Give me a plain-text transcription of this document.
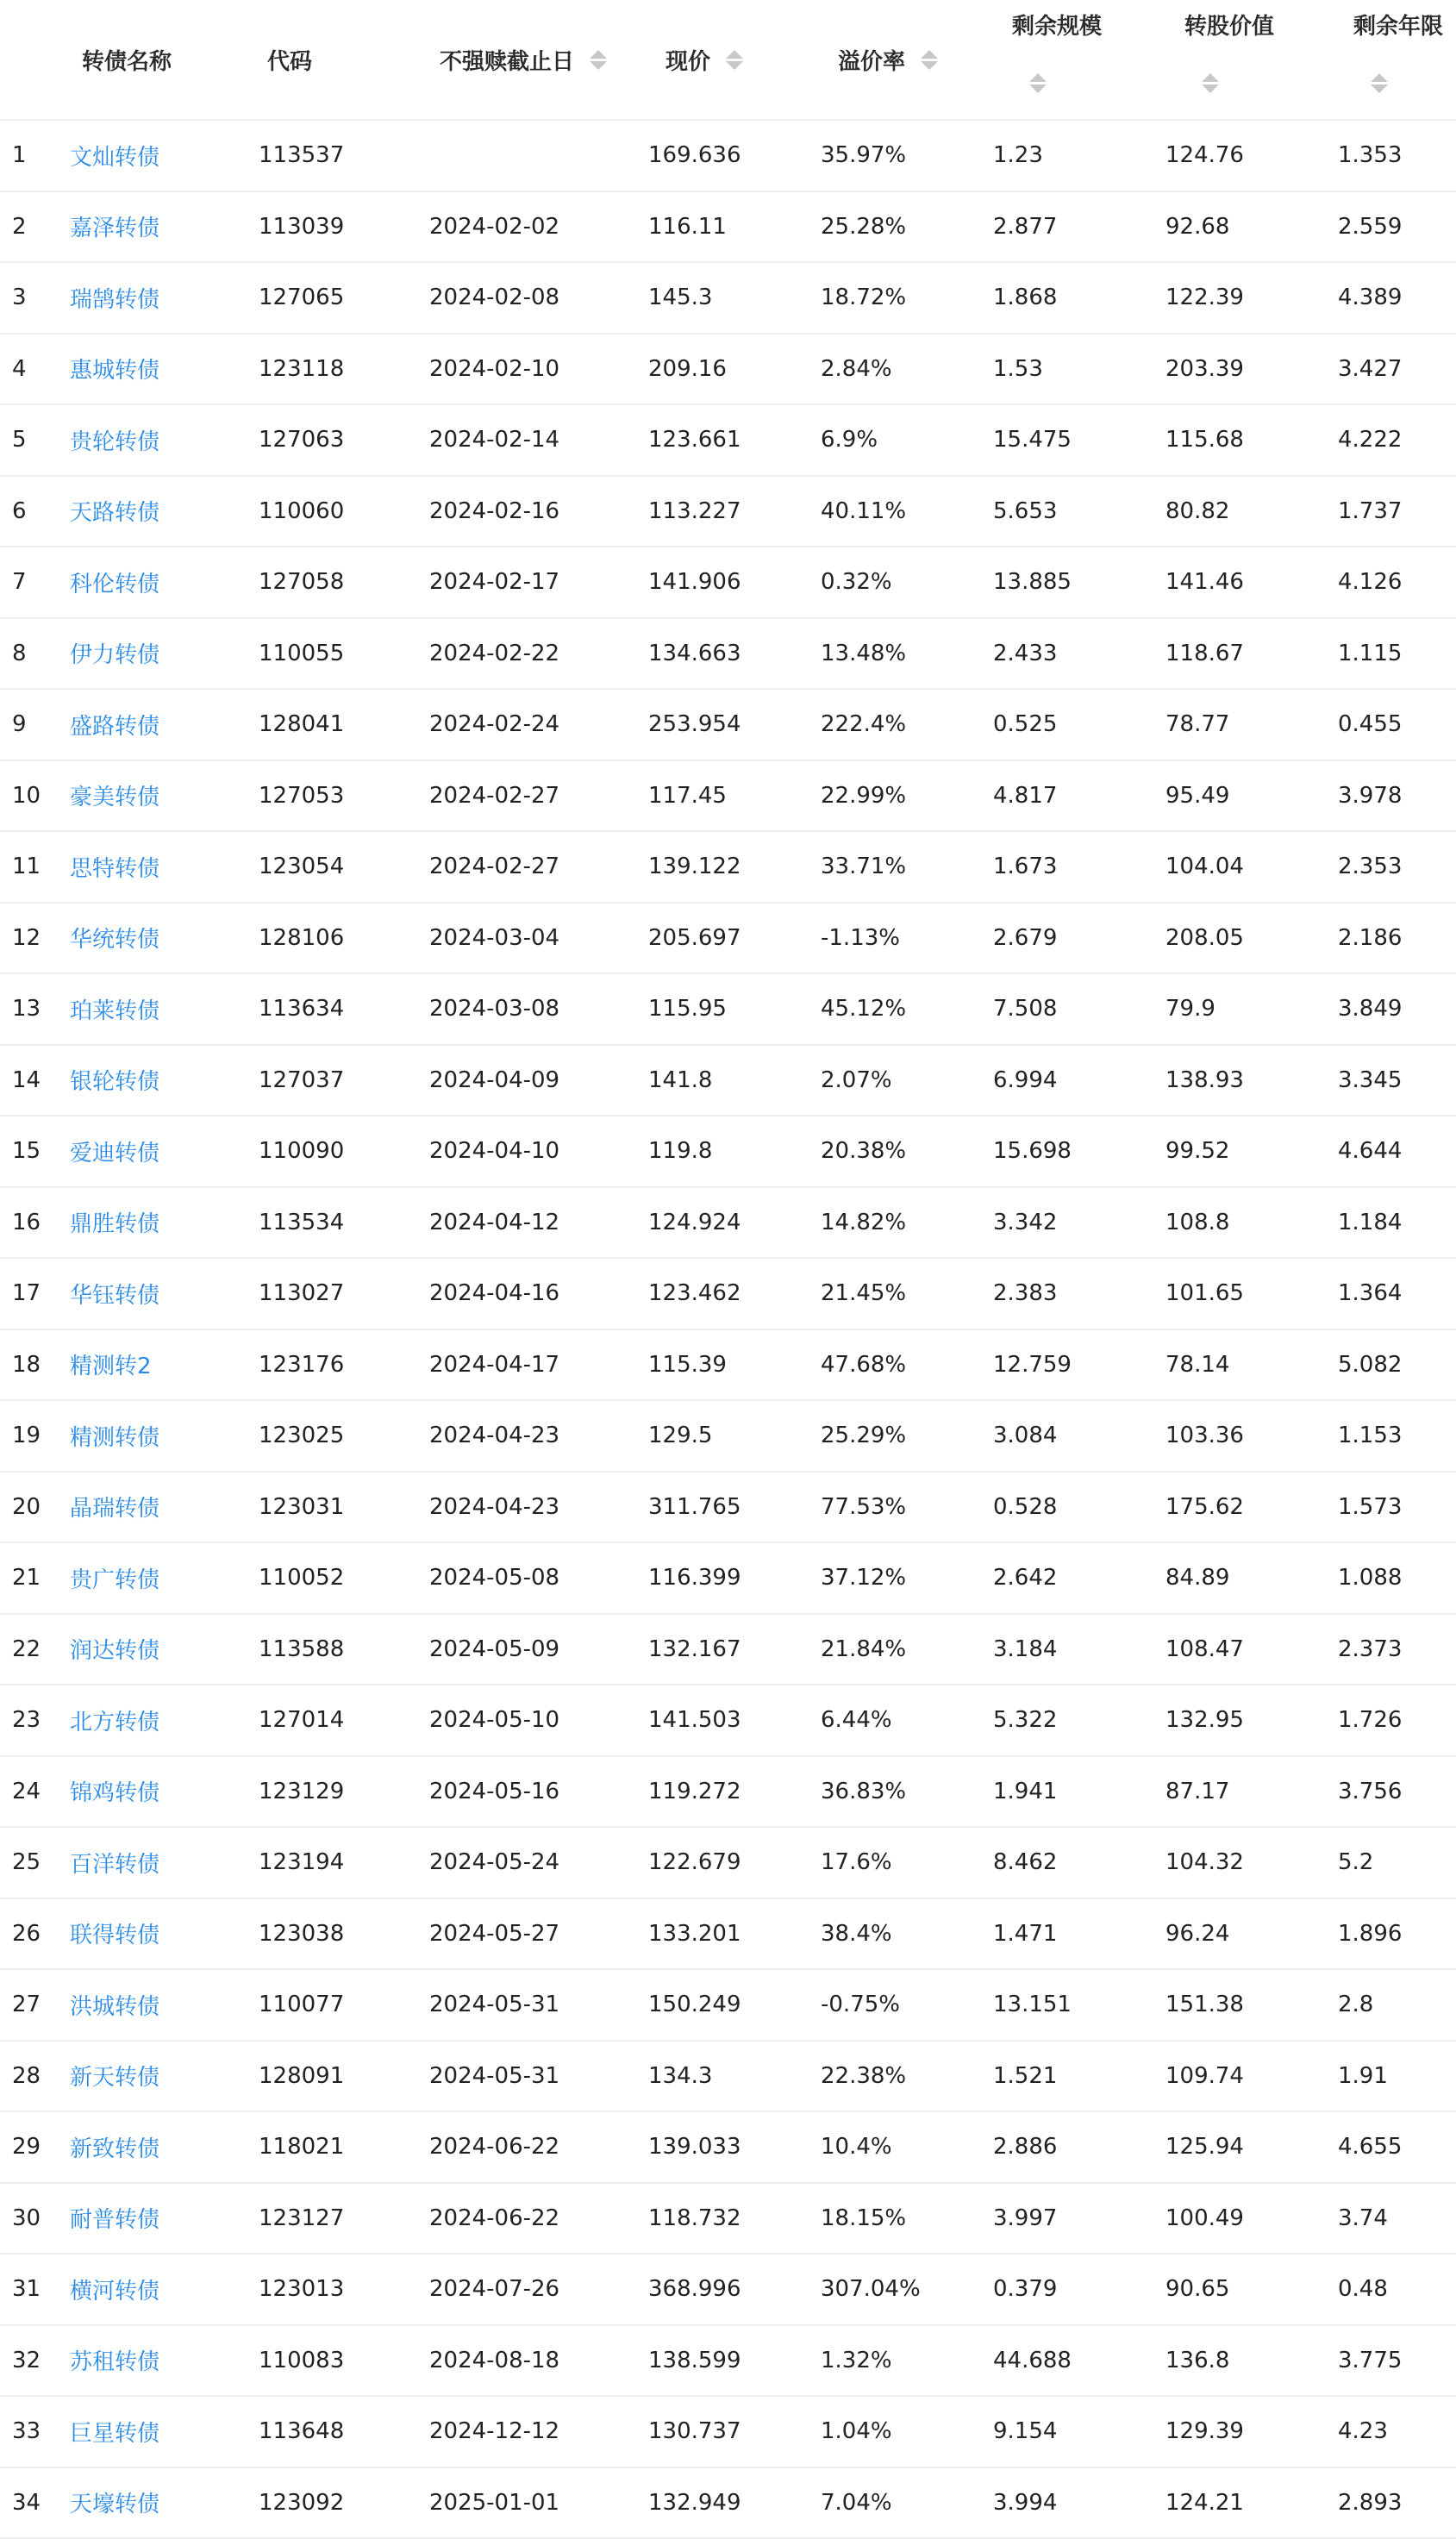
	转债名称	代码	不强赎截止日	现价	溢价率	剩余规模	转股价值	剩余年限

1	文灿转债	113537		169.636	35.97%	1.23	124.76	1.353
2	嘉泽转债	113039	2024-02-02	116.11	25.28%	2.877	92.68	2.559
3	瑞鹄转债	127065	2024-02-08	145.3	18.72%	1.868	122.39	4.389
4	惠城转债	123118	2024-02-10	209.16	2.84%	1.53	203.39	3.427
5	贵轮转债	127063	2024-02-14	123.661	6.9%	15.475	115.68	4.222
6	天路转债	110060	2024-02-16	113.227	40.11%	5.653	80.82	1.737
7	科伦转债	127058	2024-02-17	141.906	0.32%	13.885	141.46	4.126
8	伊力转债	110055	2024-02-22	134.663	13.48%	2.433	118.67	1.115
9	盛路转债	128041	2024-02-24	253.954	222.4%	0.525	78.77	0.455
10	豪美转债	127053	2024-02-27	117.45	22.99%	4.817	95.49	3.978
11	思特转债	123054	2024-02-27	139.122	33.71%	1.673	104.04	2.353
12	华统转债	128106	2024-03-04	205.697	-1.13%	2.679	208.05	2.186
13	珀莱转债	113634	2024-03-08	115.95	45.12%	7.508	79.9	3.849
14	银轮转债	127037	2024-04-09	141.8	2.07%	6.994	138.93	3.345
15	爱迪转债	110090	2024-04-10	119.8	20.38%	15.698	99.52	4.644
16	鼎胜转债	113534	2024-04-12	124.924	14.82%	3.342	108.8	1.184
17	华钰转债	113027	2024-04-16	123.462	21.45%	2.383	101.65	1.364
18	精测转2	123176	2024-04-17	115.39	47.68%	12.759	78.14	5.082
19	精测转债	123025	2024-04-23	129.5	25.29%	3.084	103.36	1.153
20	晶瑞转债	123031	2024-04-23	311.765	77.53%	0.528	175.62	1.573
21	贵广转债	110052	2024-05-08	116.399	37.12%	2.642	84.89	1.088
22	润达转债	113588	2024-05-09	132.167	21.84%	3.184	108.47	2.373
23	北方转债	127014	2024-05-10	141.503	6.44%	5.322	132.95	1.726
24	锦鸡转债	123129	2024-05-16	119.272	36.83%	1.941	87.17	3.756
25	百洋转债	123194	2024-05-24	122.679	17.6%	8.462	104.32	5.2
26	联得转债	123038	2024-05-27	133.201	38.4%	1.471	96.24	1.896
27	洪城转债	110077	2024-05-31	150.249	-0.75%	13.151	151.38	2.8
28	新天转债	128091	2024-05-31	134.3	22.38%	1.521	109.74	1.91
29	新致转债	118021	2024-06-22	139.033	10.4%	2.886	125.94	4.655
30	耐普转债	123127	2024-06-22	118.732	18.15%	3.997	100.49	3.74
31	横河转债	123013	2024-07-26	368.996	307.04%	0.379	90.65	0.48
32	苏租转债	110083	2024-08-18	138.599	1.32%	44.688	136.8	3.775
33	巨星转债	113648	2024-12-12	130.737	1.04%	9.154	129.39	4.23
34	天壕转债	123092	2025-01-01	132.949	7.04%	3.994	124.21	2.893
